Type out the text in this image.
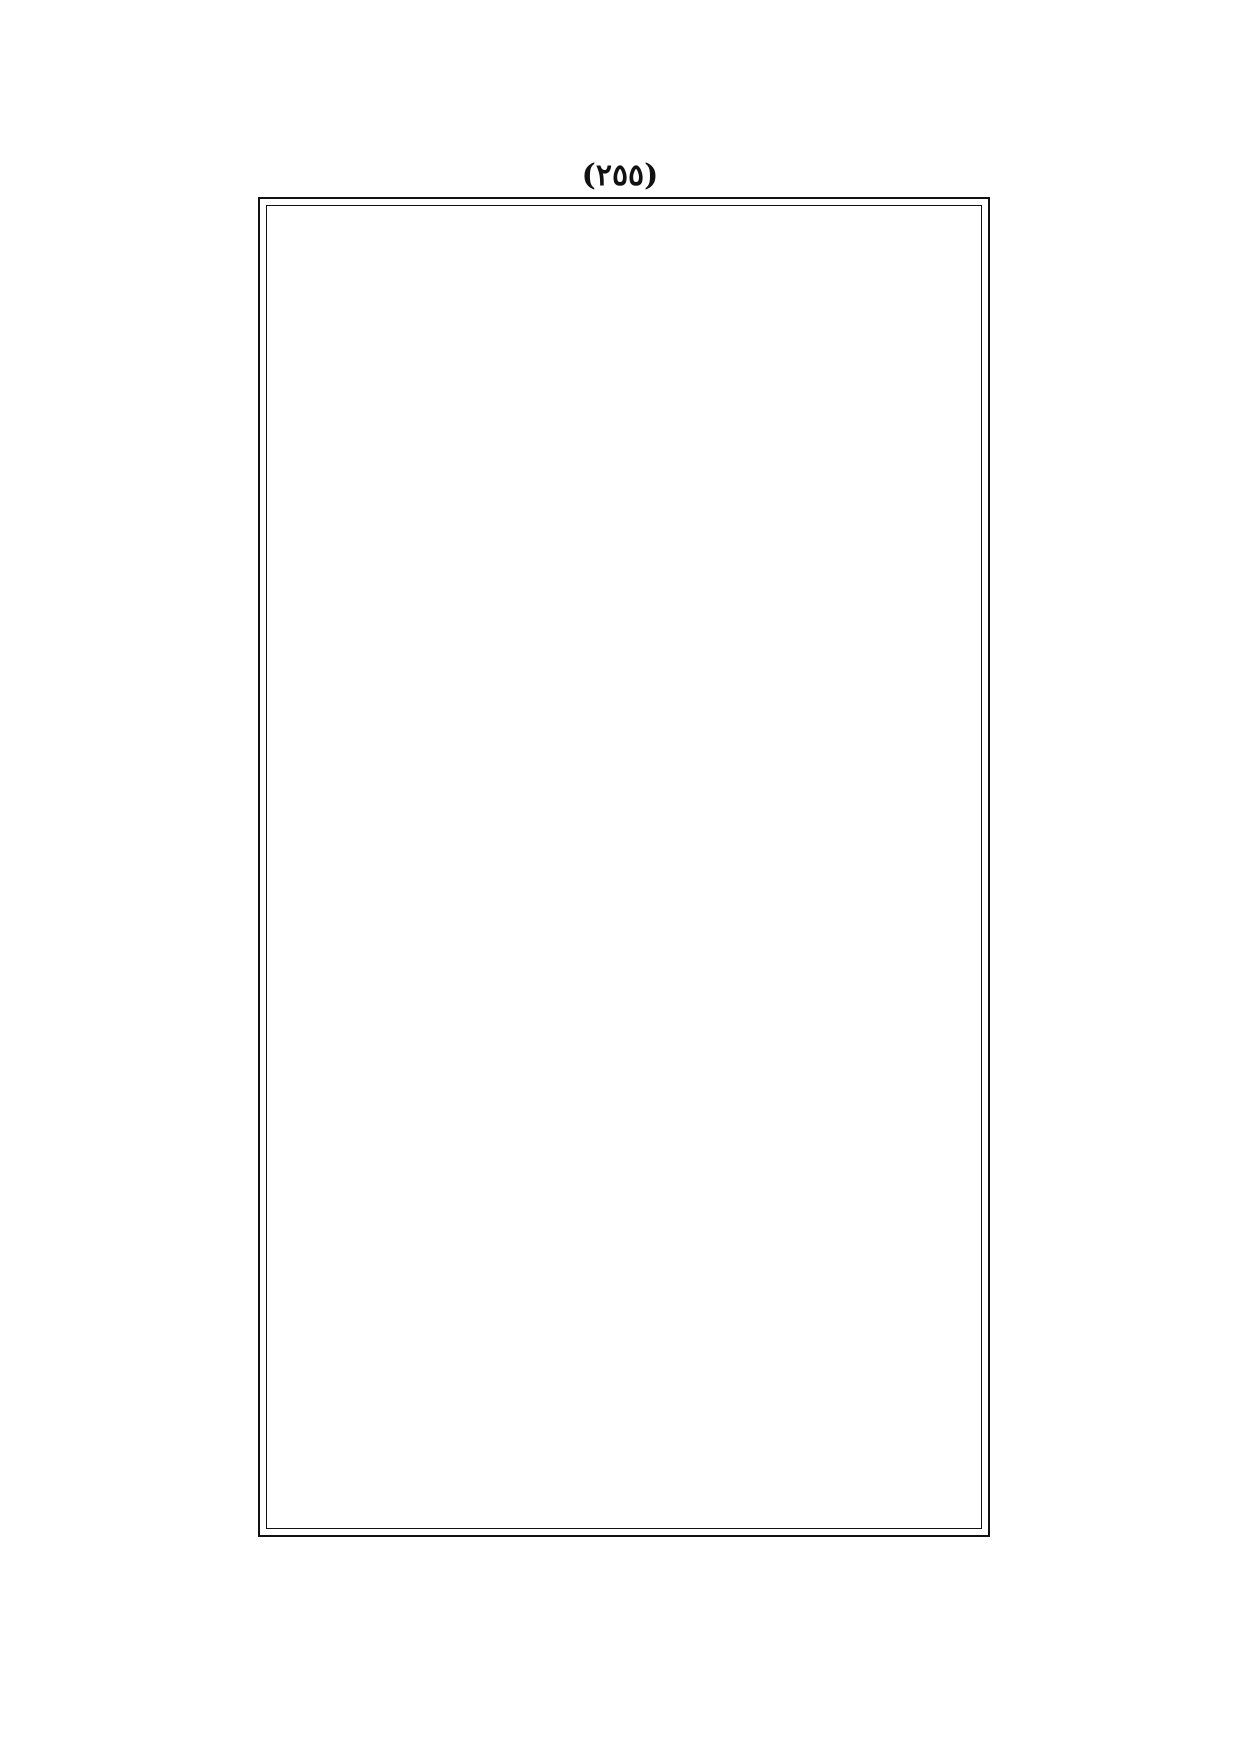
(٢٥٥)
